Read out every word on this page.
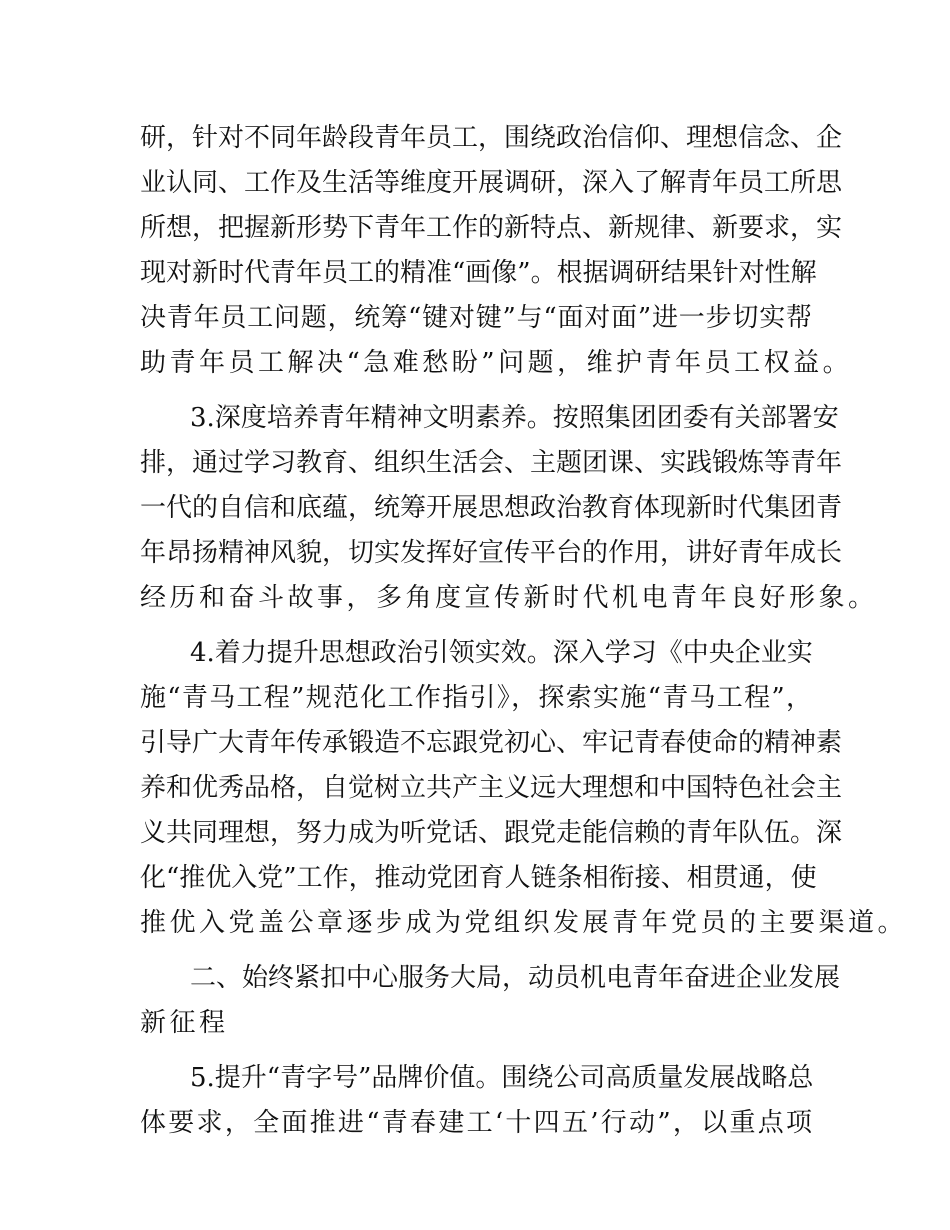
研，针对不同年龄段青年员工，围绕政治信仰、理想信念、企
业认同、工作及生活等维度开展调研，深入了解青年员工所思
所想，把握新形势下青年工作的新特点、新规律、新要求，实
现对新时代青年员工的精准“画像”。根据调研结果针对性解
决青年员工问题，统筹“键对键”与“面对面”进一步切实帮
助青年员工解决“急难愁盼”问题，维护青年员工权益。
3.深度培养青年精神文明素养。按照集团团委有关部署安
排，通过学习教育、组织生活会、主题团课、实践锻炼等青年
一代的自信和底蕴，统筹开展思想政治教育体现新时代集团青
年昂扬精神风貌，切实发挥好宣传平台的作用，讲好青年成长
经历和奋斗故事，多角度宣传新时代机电青年良好形象。
4.着力提升思想政治引领实效。深入学习《中央企业实
施“青马工程”规范化工作指引》，探索实施“青马工程”，
引导广大青年传承锻造不忘跟党初心、牢记青春使命的精神素
养和优秀品格，自觉树立共产主义远大理想和中国特色社会主
义共同理想，努力成为听党话、跟党走能信赖的青年队伍。深
化“推优入党”工作，推动党团育人链条相衔接、相贯通，使
推优入党盖公章逐步成为党组织发展青年党员的主要渠道。
二、始终紧扣中心服务大局，动员机电青年奋进企业发展
新征程
5.提升“青字号”品牌价值。围绕公司高质量发展战略总
体要求，全面推进“青春建工‘十四五’行动”，以重点项
